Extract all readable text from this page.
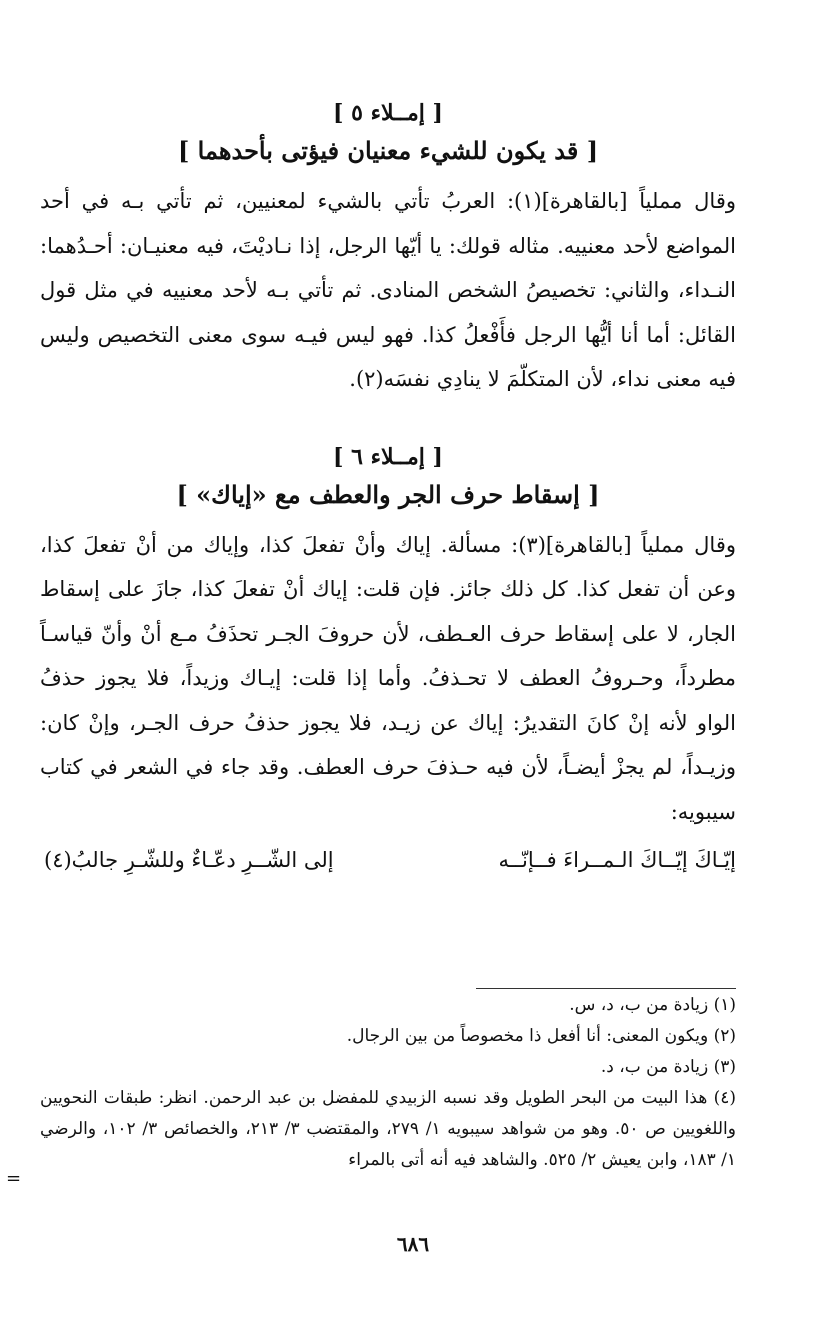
[ إمــلاء ٥ ]

[ قد يكون للشيء معنيان فيؤتى بأحدهما ]

وقال مملياً [بالقاهرة](١): العربُ تأتي بالشيء لمعنيين، ثم تأتي بـه في أحد المواضع لأحد معنييه. مثاله قولك: يا أيّها الرجل، إذا نـاديْتَ، فيه معنيـان: أحـدُهما: النـداء، والثاني: تخصيصُ الشخص المنادى. ثم تأتي بـه لأحد معنييه في مثل قول القائل: أما أنا أيُّها الرجل فأَفْعلُ كذا. فهو ليس فيـه سوى معنى التخصيص وليس فيه معنى نداء، لأن المتكلّمَ لا ينادِي نفسَه(٢).

[ إمــلاء ٦ ]

[ إسقاط حرف الجر والعطف مع «إياك» ]

وقال مملياً [بالقاهرة](٣): مسألة. إياك وأنْ تفعلَ كذا، وإياك من أنْ تفعلَ كذا، وعن أن تفعل كذا. كل ذلك جائز. فإن قلت: إياك أنْ تفعلَ كذا، جازَ على إسقاط الجار، لا على إسقاط حرف العـطف، لأن حروفَ الجـر تحذَفُ مـع أنْ وأنّ قياسـاً مطرداً، وحـروفُ العطف لا تحـذفُ. وأما إذا قلت: إيـاك وزيداً، فلا يجوز حذفُ الواو لأنه إنْ كانَ التقديرُ: إياك عن زيـد، فلا يجوز حذفُ حرف الجـر، وإنْ كان: وزيـداً، لم يجزْ أيضـاً، لأن فيه حـذفَ حرف العطف. وقد جاء في الشعر في كتاب سيبويه:

إيّـاكَ إيّــاكَ الـمــراءَ فــإنّــه
إلى الشّــرِ دعّـاءٌ وللشّـرِ جالبُ(٤)

(١) زيادة من ب، د، س.

(٢) ويكون المعنى: أنا أفعل ذا مخصوصاً من بين الرجال.

(٣) زيادة من ب، د.

(٤) هذا البيت من البحر الطويل وقد نسبه الزبيدي للمفضل بن عبد الرحمن. انظر: طبقات النحويين واللغويين ص ٥٠. وهو من شواهد سيبويه ١/ ٢٧٩، والمقتضب ٣/ ٢١٣، والخصائص ٣/ ١٠٢، والرضي ١/ ١٨٣، وابن يعيش ٢/ ٥٢٥. والشاهد فيه أنه أتى بالمراء

=
٦٨٦
